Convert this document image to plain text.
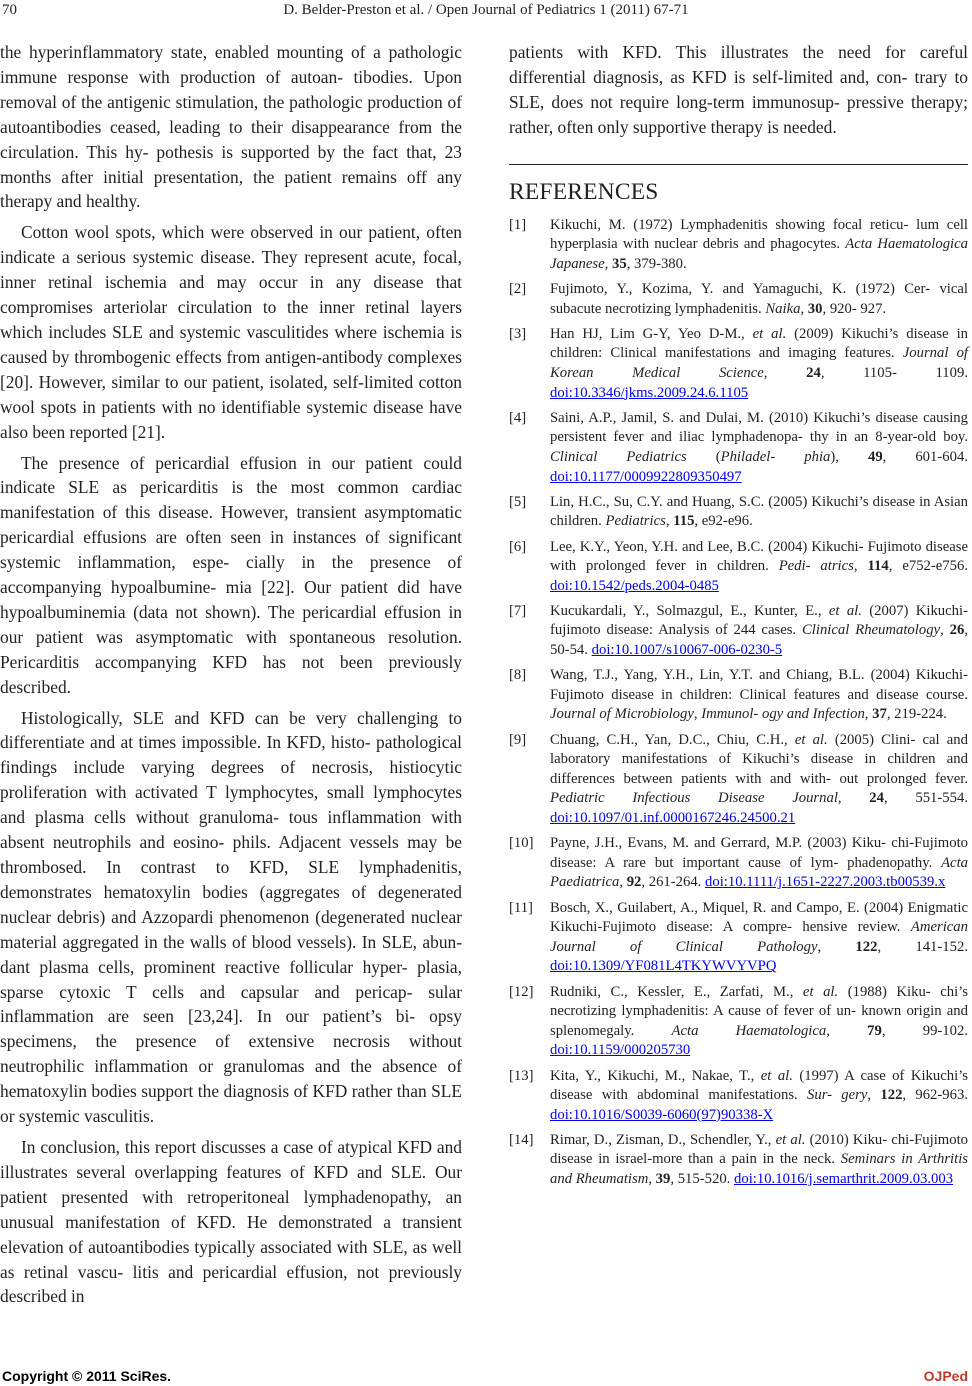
70	D. Belder-Preston et al. / Open Journal of Pediatrics 1 (2011) 67-71

the hyperinflammatory state, enabled mounting of a pathologic immune response with production of autoan- tibodies. Upon removal of the antigenic stimulation, the pathologic production of autoantibodies ceased, leading to their disappearance from the circulation. This hy- pothesis is supported by the fact that, 23 months after initial presentation, the patient remains off any therapy and healthy.

Cotton wool spots, which were observed in our patient, often indicate a serious systemic disease. They represent acute, focal, inner retinal ischemia and may occur in any disease that compromises arteriolar circulation to the inner retinal layers which includes SLE and systemic vasculitides where ischemia is caused by thrombogenic effects from antigen-antibody complexes [20]. However, similar to our patient, isolated, self-limited cotton wool spots in patients with no identifiable systemic disease have also been reported [21].

The presence of pericardial effusion in our patient could indicate SLE as pericarditis is the most common cardiac manifestation of this disease. However, transient asymptomatic pericardial effusions are often seen in instances of significant systemic inflammation, espe- cially in the presence of accompanying hypoalbumine- mia [22]. Our patient did have hypoalbuminemia (data not shown). The pericardial effusion in our patient was asymptomatic with spontaneous resolution. Pericarditis accompanying KFD has not been previously described.

Histologically, SLE and KFD can be very challenging to differentiate and at times impossible. In KFD, histo- pathological findings include varying degrees of necrosis, histiocytic proliferation with activated T lymphocytes, small lymphocytes and plasma cells without granuloma- tous inflammation with absent neutrophils and eosino- phils. Adjacent vessels may be thrombosed. In contrast to KFD, SLE lymphadenitis, demonstrates hematoxylin bodies (aggregates of degenerated nuclear debris) and Azzopardi phenomenon (degenerated nuclear material aggregated in the walls of blood vessels). In SLE, abun- dant plasma cells, prominent reactive follicular hyper- plasia, sparse cytoxic T cells and capsular and pericap- sular inflammation are seen [23,24]. In our patient’s bi- opsy specimens, the presence of extensive necrosis without neutrophilic inflammation or granulomas and the absence of hematoxylin bodies support the diagnosis of KFD rather than SLE or systemic vasculitis.

In conclusion, this report discusses a case of atypical KFD and illustrates several overlapping features of KFD and SLE. Our patient presented with retroperitoneal lymphadenopathy, an unusual manifestation of KFD. He demonstrated a transient elevation of autoantibodies typically associated with SLE, as well as retinal vascu- litis and pericardial effusion, not previously described in

patients with KFD. This illustrates the need for careful differential diagnosis, as KFD is self-limited and, con- trary to SLE, does not require long-term immunosup- pressive therapy; rather, often only supportive therapy is needed.

REFERENCES
[1] Kikuchi, M. (1972) Lymphadenitis showing focal reticu- lum cell hyperplasia with nuclear debris and phagocytes. Acta Haematologica Japanese, 35, 379-380.
[2] Fujimoto, Y., Kozima, Y. and Yamaguchi, K. (1972) Cer- vical subacute necrotizing lymphadenitis. Naika, 30, 920- 927.
[3] Han HJ, Lim G-Y, Yeo D-M., et al. (2009) Kikuchi’s disease in children: Clinical manifestations and imaging features. Journal of Korean Medical Science, 24, 1105- 1109. doi:10.3346/jkms.2009.24.6.1105
[4] Saini, A.P., Jamil, S. and Dulai, M. (2010) Kikuchi’s disease causing persistent fever and iliac lymphadenopa- thy in an 8-year-old boy. Clinical Pediatrics (Philadel- phia), 49, 601-604. doi:10.1177/0009922809350497
[5] Lin, H.C., Su, C.Y. and Huang, S.C. (2005) Kikuchi’s disease in Asian children. Pediatrics, 115, e92-e96.
[6] Lee, K.Y., Yeon, Y.H. and Lee, B.C. (2004) Kikuchi- Fujimoto disease with prolonged fever in children. Pedi- atrics, 114, e752-e756. doi:10.1542/peds.2004-0485
[7] Kucukardali, Y., Solmazgul, E., Kunter, E., et al. (2007) Kikuchi-fujimoto disease: Analysis of 244 cases. Clinical Rheumatology, 26, 50-54. doi:10.1007/s10067-006-0230-5
[8] Wang, T.J., Yang, Y.H., Lin, Y.T. and Chiang, B.L. (2004) Kikuchi-Fujimoto disease in children: Clinical features and disease course. Journal of Microbiology, Immunol- ogy and Infection, 37, 219-224.
[9] Chuang, C.H., Yan, D.C., Chiu, C.H., et al. (2005) Clini- cal and laboratory manifestations of Kikuchi’s disease in children and differences between patients with and with- out prolonged fever. Pediatric Infectious Disease Journal, 24, 551-554. doi:10.1097/01.inf.0000167246.24500.21
[10] Payne, J.H., Evans, M. and Gerrard, M.P. (2003) Kiku- chi-Fujimoto disease: A rare but important cause of lym- phadenopathy. Acta Paediatrica, 92, 261-264. doi:10.1111/j.1651-2227.2003.tb00539.x
[11] Bosch, X., Guilabert, A., Miquel, R. and Campo, E. (2004) Enigmatic Kikuchi-Fujimoto disease: A compre- hensive review. American Journal of Clinical Pathology, 122, 141-152. doi:10.1309/YF081L4TKYWVYVPQ
[12] Rudniki, C., Kessler, E., Zarfati, M., et al. (1988) Kiku- chi’s necrotizing lymphadenitis: A cause of fever of un- known origin and splenomegaly. Acta Haematologica, 79, 99-102. doi:10.1159/000205730
[13] Kita, Y., Kikuchi, M., Nakae, T., et al. (1997) A case of Kikuchi’s disease with abdominal manifestations. Sur- gery, 122, 962-963. doi:10.1016/S0039-6060(97)90338-X
[14] Rimar, D., Zisman, D., Schendler, Y., et al. (2010) Kiku- chi-Fujimoto disease in israel-more than a pain in the neck. Seminars in Arthritis and Rheumatism, 39, 515-520. doi:10.1016/j.semarthrit.2009.03.003
Copyright © 2011 SciRes.	OJPed
